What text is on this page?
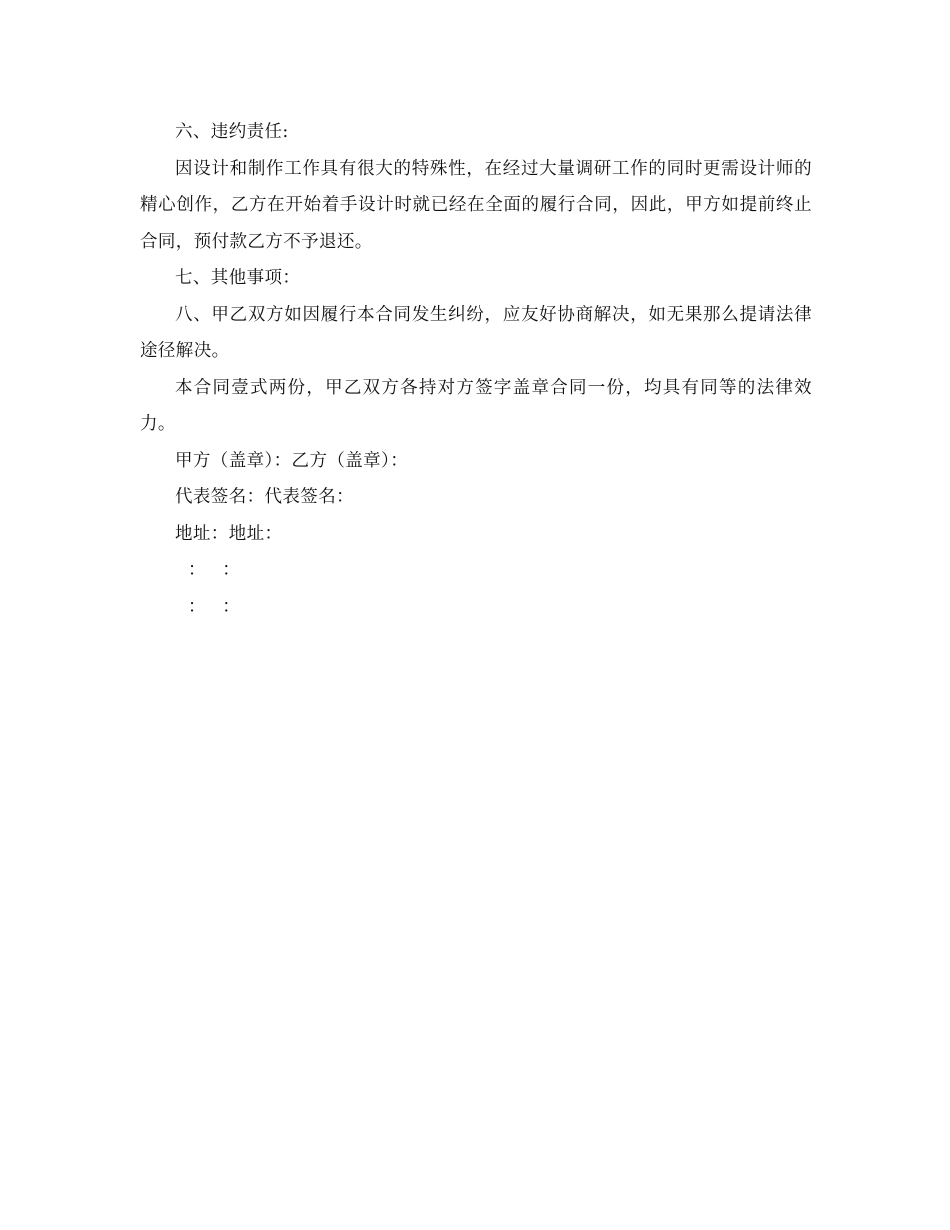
六、违约责任:

因设计和制作工作具有很大的特殊性，在经过大量调研工作的同时更需设计师的精心创作，乙方在开始着手设计时就已经在全面的履行合同，因此，甲方如提前终止合同，预付款乙方不予退还。

七、其他事项：

八、甲乙双方如因履行本合同发生纠纷，应友好协商解决，如无果那么提请法律途径解决。

本合同壹式两份，甲乙双方各持对方签字盖章合同一份，均具有同等的法律效力。

甲方（盖章）：乙方（盖章）：

代表签名：代表签名：

地址：地址：

：   ：

：   ：
